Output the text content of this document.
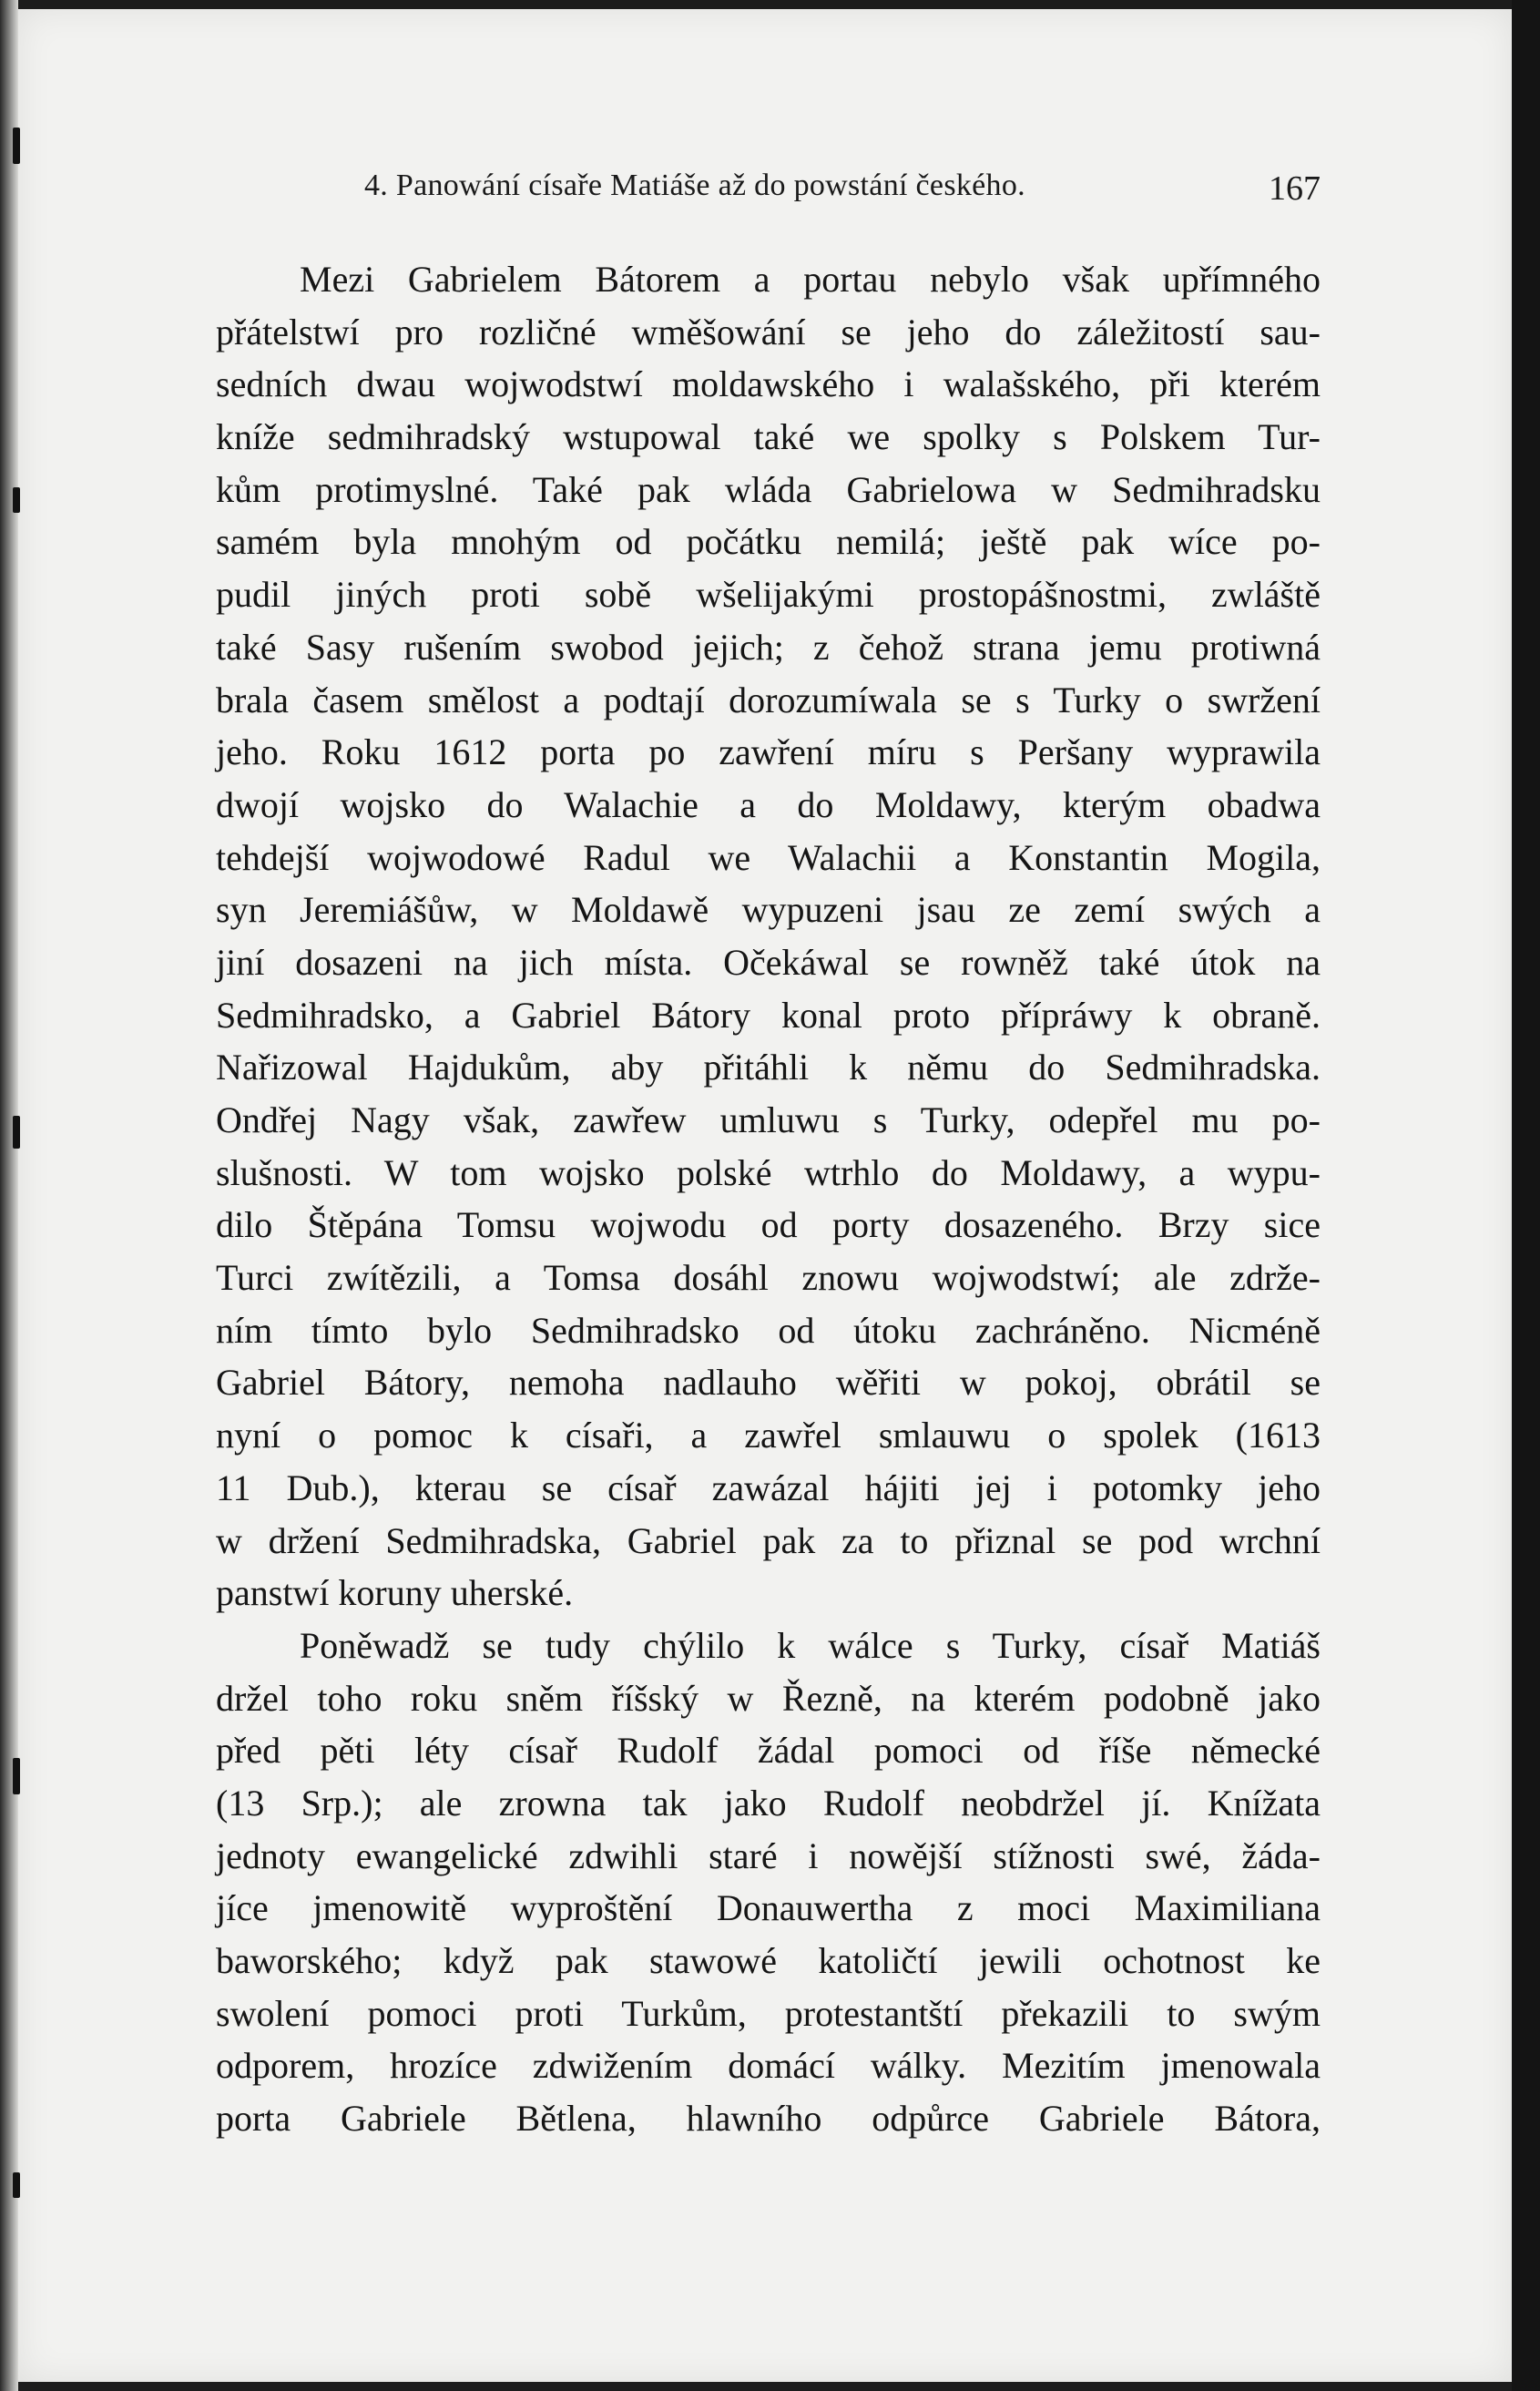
4. Panowání císaře Matiáše až do powstání českého.	167
Mezi Gabrielem Bátorem a portau nebylo však upřímného
přátelstwí pro rozličné wměšowání se jeho do záležitostí sau-
sedních dwau wojwodstwí moldawského i walašského, při kterém
kníže sedmihradský wstupowal také we spolky s Polskem Tur-
kům protimyslné. Také pak wláda Gabrielowa w Sedmihradsku
samém byla mnohým od počátku nemilá; ještě pak wíce po-
pudil jiných proti sobě wšelijakými prostopášnostmi, zwláště
také Sasy rušením swobod jejich; z čehož strana jemu protiwná
brala časem smělost a podtají dorozumíwala se s Turky o swržení
jeho. Roku 1612 porta po zawření míru s Peršany wyprawila
dwojí wojsko do Walachie a do Moldawy, kterým obadwa
tehdejší wojwodowé Radul we Walachii a Konstantin Mogila,
syn Jeremiášůw, w Moldawě wypuzeni jsau ze zemí swých a
jiní dosazeni na jich místa. Očekáwal se rowněž také útok na
Sedmihradsko, a Gabriel Bátory konal proto přípráwy k obraně.
Nařizowal Hajdukům, aby přitáhli k němu do Sedmihradska.
Ondřej Nagy však, zawřew umluwu s Turky, odepřel mu po-
slušnosti. W tom wojsko polské wtrhlo do Moldawy, a wypu-
dilo Štěpána Tomsu wojwodu od porty dosazeného. Brzy sice
Turci zwítězili, a Tomsa dosáhl znowu wojwodstwí; ale zdrže-
ním tímto bylo Sedmihradsko od útoku zachráněno. Nicméně
Gabriel Bátory, nemoha nadlauho wěřiti w pokoj, obrátil se
nyní o pomoc k císaři, a zawřel smlauwu o spolek (1613
11 Dub.), kterau se císař zawázal hájiti jej i potomky jeho
w držení Sedmihradska, Gabriel pak za to přiznal se pod wrchní
panstwí koruny uherské.
Poněwadž se tudy chýlilo k wálce s Turky, císař Matiáš
držel toho roku sněm říšský w Řezně, na kterém podobně jako
před pěti léty císař Rudolf žádal pomoci od říše německé
(13 Srp.); ale zrowna tak jako Rudolf neobdržel jí. Knížata
jednoty ewangelické zdwihli staré i nowější stížnosti swé, žáda-
jíce jmenowitě wyproštění Donauwertha z moci Maximiliana
baworského; když pak stawowé katoličtí jewili ochotnost ke
swolení pomoci proti Turkům, protestantští překazili to swým
odporem, hrozíce zdwižením domácí wálky. Mezitím jmenowala
porta Gabriele Bětlena, hlawního odpůrce Gabriele Bátora,
